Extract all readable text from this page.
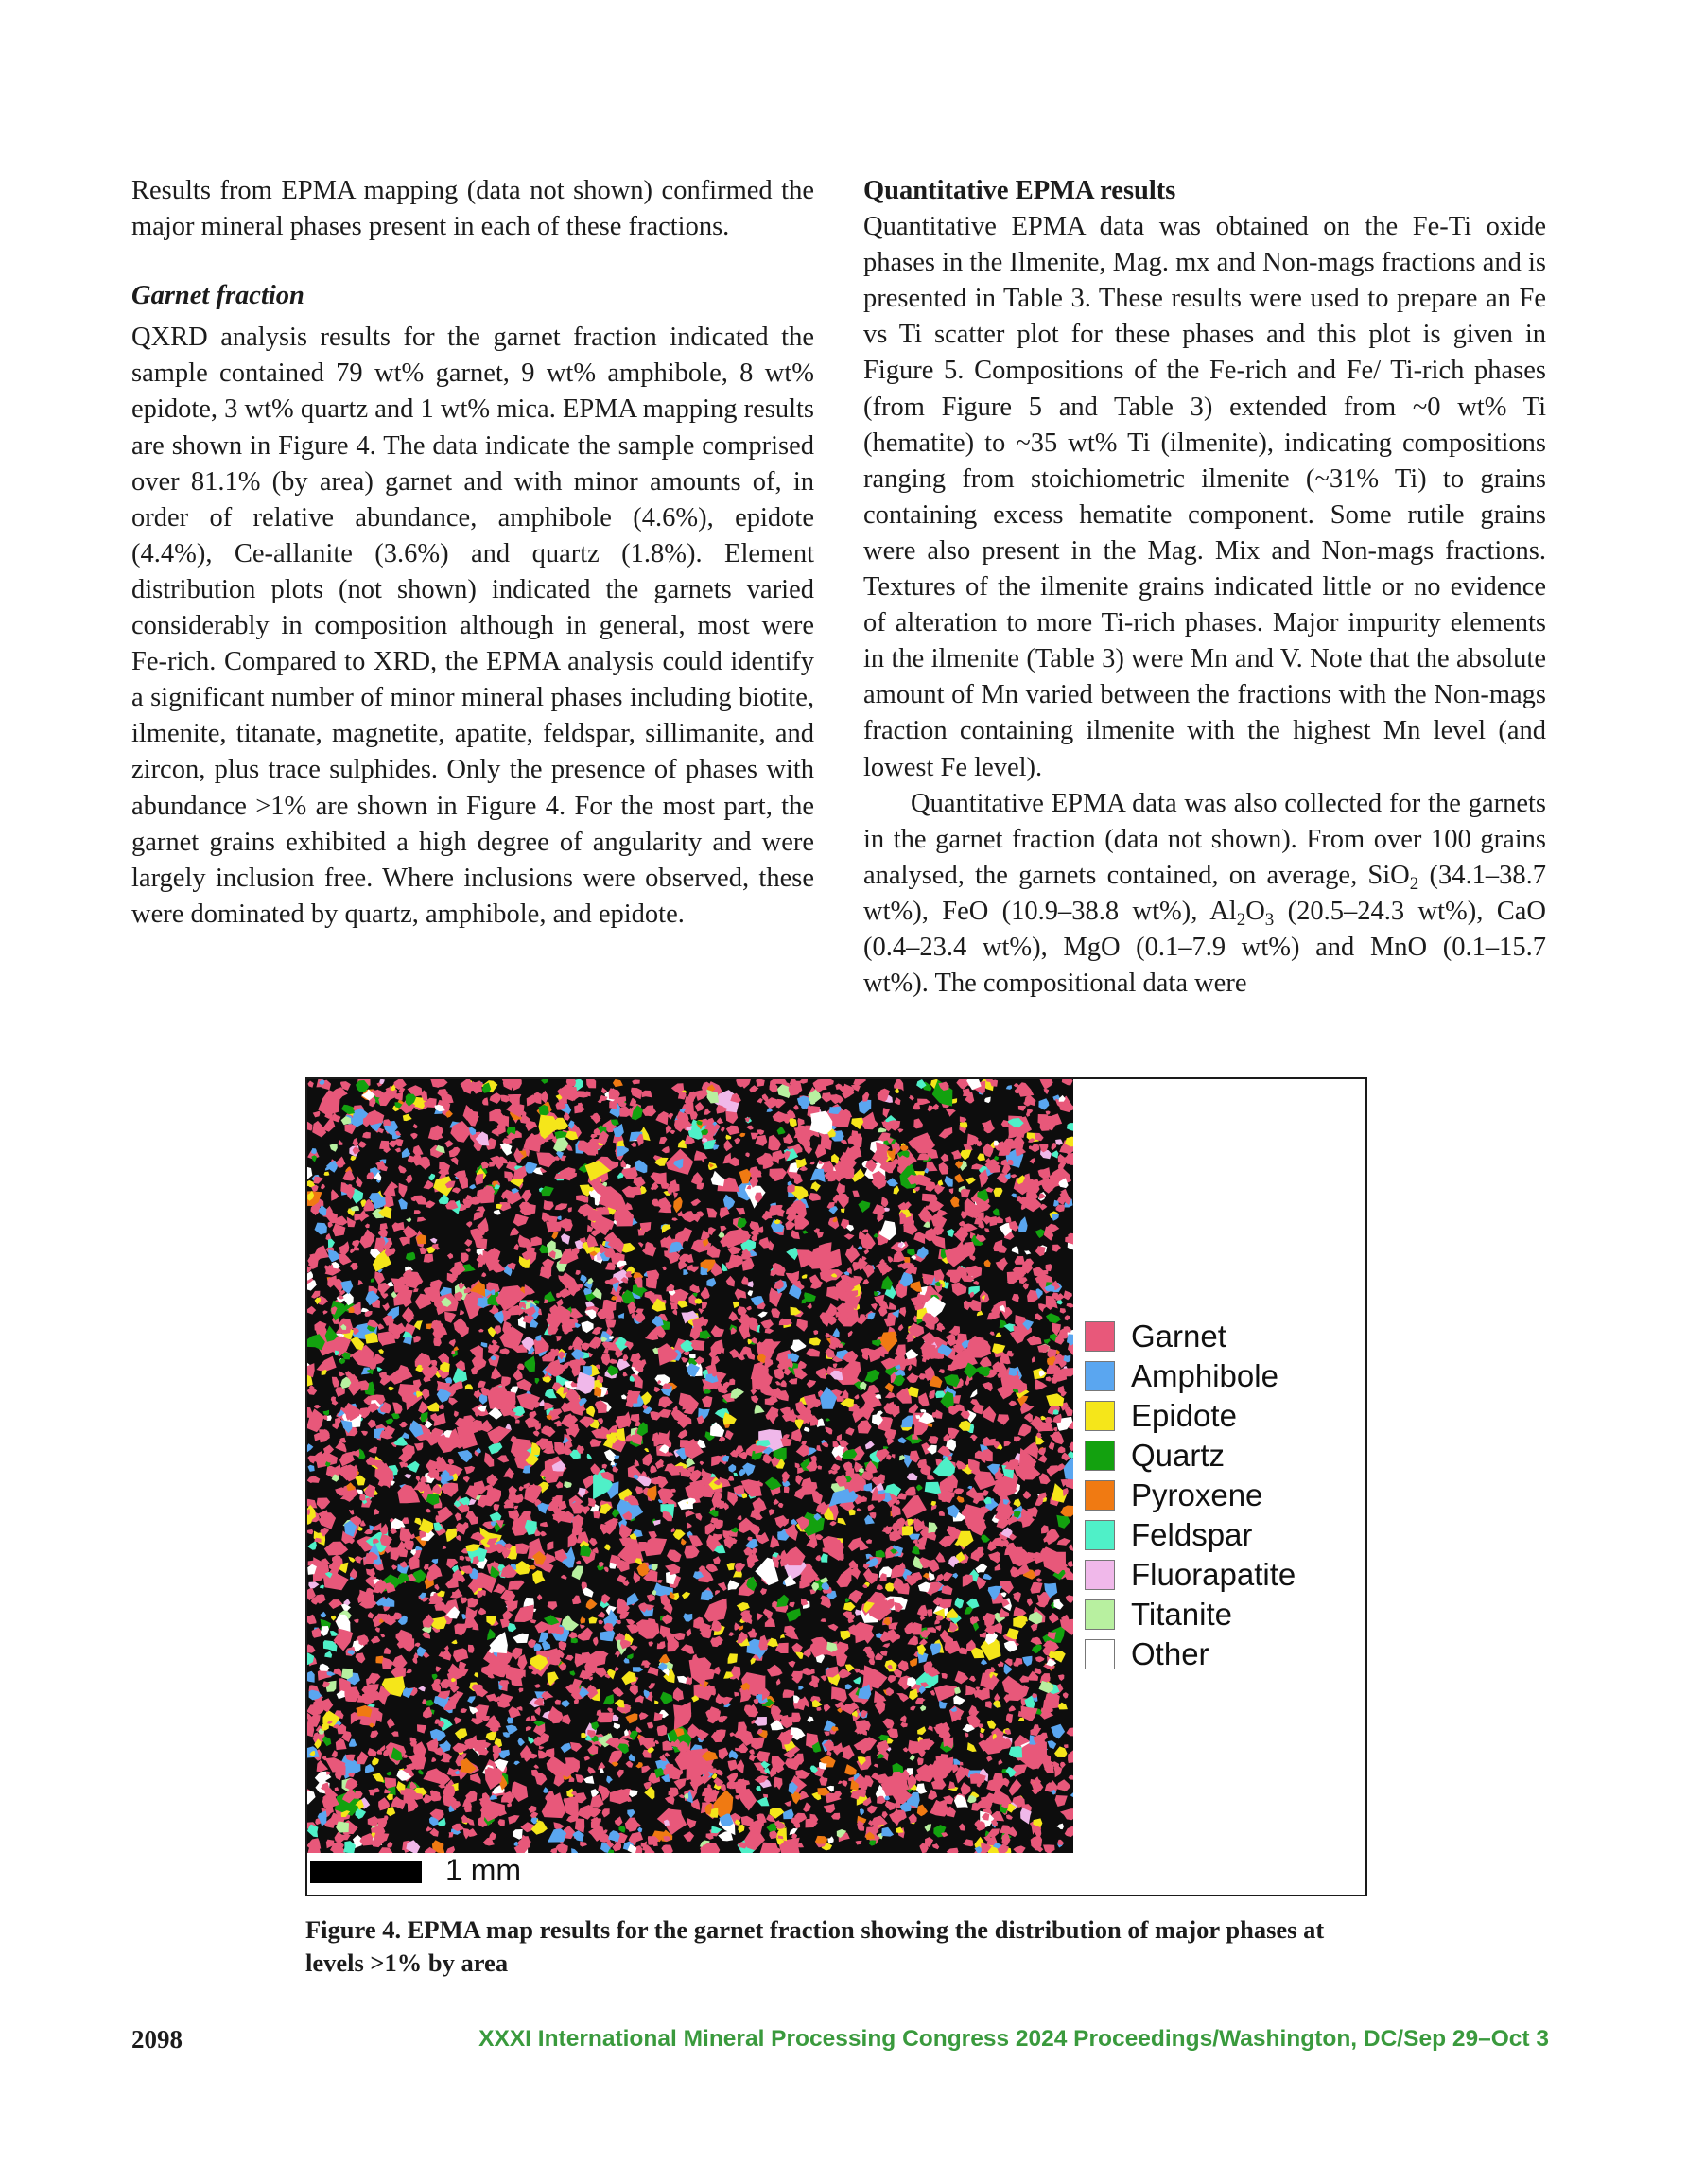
Results from EPMA mapping (data not shown) confirmed the major mineral phases present in each of these fractions.

Garnet fraction

QXRD analysis results for the garnet fraction indicated the sample contained 79 wt% garnet, 9 wt% amphibole, 8 wt% epidote, 3 wt% quartz and 1 wt% mica. EPMA mapping results are shown in Figure 4. The data indicate the sample comprised over 81.1% (by area) garnet and with minor amounts of, in order of relative abundance, amphibole (4.6%), epidote (4.4%), Ce-allanite (3.6%) and quartz (1.8%). Element distribution plots (not shown) indicated the garnets varied considerably in composition although in general, most were Fe-rich. Compared to XRD, the EPMA analysis could identify a significant number of minor mineral phases including biotite, ilmenite, titanate, magnetite, apatite, feldspar, sillimanite, and zircon, plus trace sulphides. Only the presence of phases with abundance >1% are shown in Figure 4. For the most part, the garnet grains exhibited a high degree of angularity and were largely inclusion free. Where inclusions were observed, these were dominated by quartz, amphibole, and epidote.

Quantitative EPMA results

Quantitative EPMA data was obtained on the Fe-Ti oxide phases in the Ilmenite, Mag. mx and Non-mags fractions and is presented in Table 3. These results were used to prepare an Fe vs Ti scatter plot for these phases and this plot is given in Figure 5. Compositions of the Fe-rich and Fe/ Ti-rich phases (from Figure 5 and Table 3) extended from ~0 wt% Ti (hematite) to ~35 wt% Ti (ilmenite), indicating compositions ranging from stoichiometric ilmenite (~31% Ti) to grains containing excess hematite component. Some rutile grains were also present in the Mag. Mix and Non-mags fractions. Textures of the ilmenite grains indicated little or no evidence of alteration to more Ti-rich phases. Major impurity elements in the ilmenite (Table 3) were Mn and V. Note that the absolute amount of Mn varied between the fractions with the Non-mags fraction containing ilmenite with the highest Mn level (and lowest Fe level).

Quantitative EPMA data was also collected for the garnets in the garnet fraction (data not shown). From over 100 grains analysed, the garnets contained, on average, SiO$_2$ (34.1–38.7 wt%), FeO (10.9–38.8 wt%), $Al_2O_3$ (20.5–24.3 wt%), CaO (0.4–23.4 wt%), MgO (0.1–7.9 wt%) and MnO (0.1–15.7 wt%). The compositional data were

Garnet
Amphibole
Epidote
Quartz
Pyroxene
Feldspar
Fluorapatite
Titanite
Other
1 mm
Figure 4. EPMA map results for the garnet fraction showing the distribution of major phases at levels >1% by area
2098	XXXI International Mineral Processing Congress 2024 Proceedings/Washington, DC/Sep 29–Oct 3
